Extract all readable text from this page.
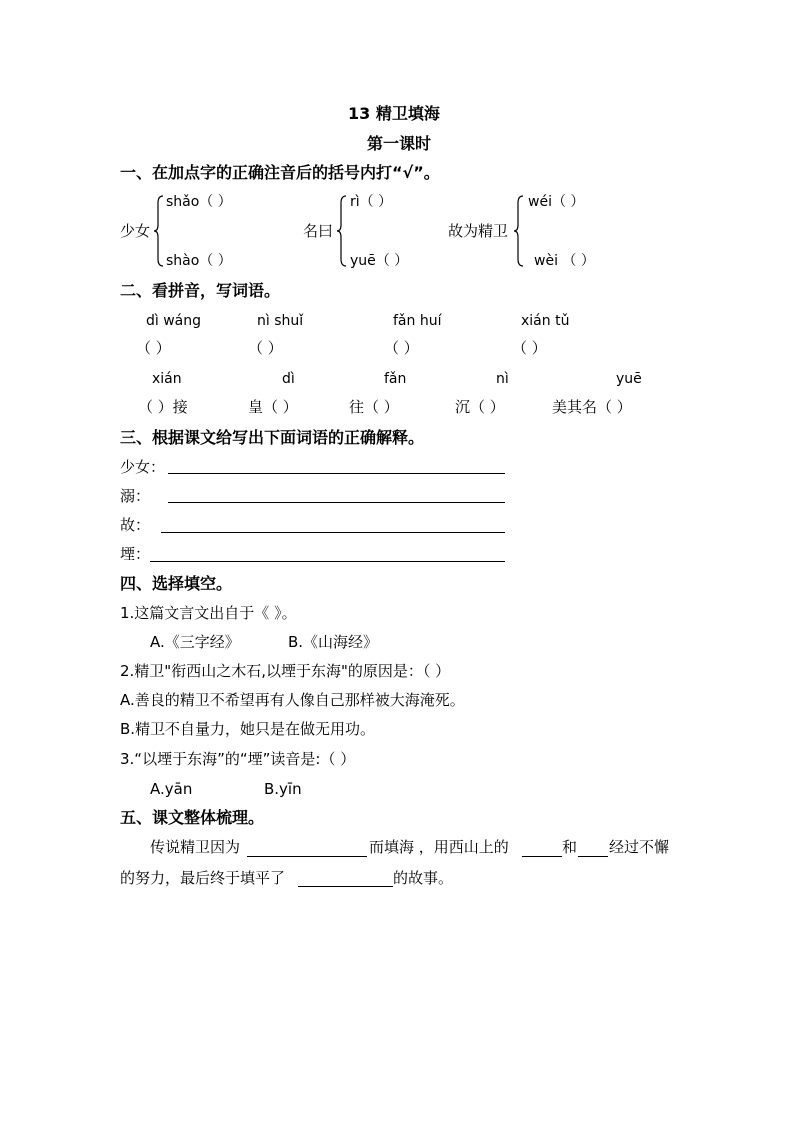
13 精卫填海
第一课时
一、在加点字的正确注音后的括号内打“√”。
少女
shǎo（ ）
shào（ ）
名曰
rì（ ）
yuē（ ）
故为精卫
wéi（ ）
wèi （ ）
二、看拼音，写词语。
dì wáng	nì shuǐ	fǎn huí	xián tǔ
（ ）	（ ）	（ ）	（ ）
xián	dì	fǎn	nì	yuē
（ ）接	皇（ ）	往（ ）	沉（ ）	美其名（ ）
三、根据课文给写出下面词语的正确解释。
少女：
溺：
故：
堙：
四、选择填空。
1.这篇文言文出自于《 》。
A.《三字经》	B.《山海经》
2.精卫"衔西山之木石,以堙于东海"的原因是：（ ）
A.善良的精卫不希望再有人像自己那样被大海淹死。
B.精卫不自量力，她只是在做无用功。
3.“以堙于东海”的“堙”读音是:（ ）
A.yān	B.yīn
五、课文整体梳理。
传说精卫因为	而填海 ，用西山上的	和 经过不懈
的努力，最后终于填平了	的故事。
